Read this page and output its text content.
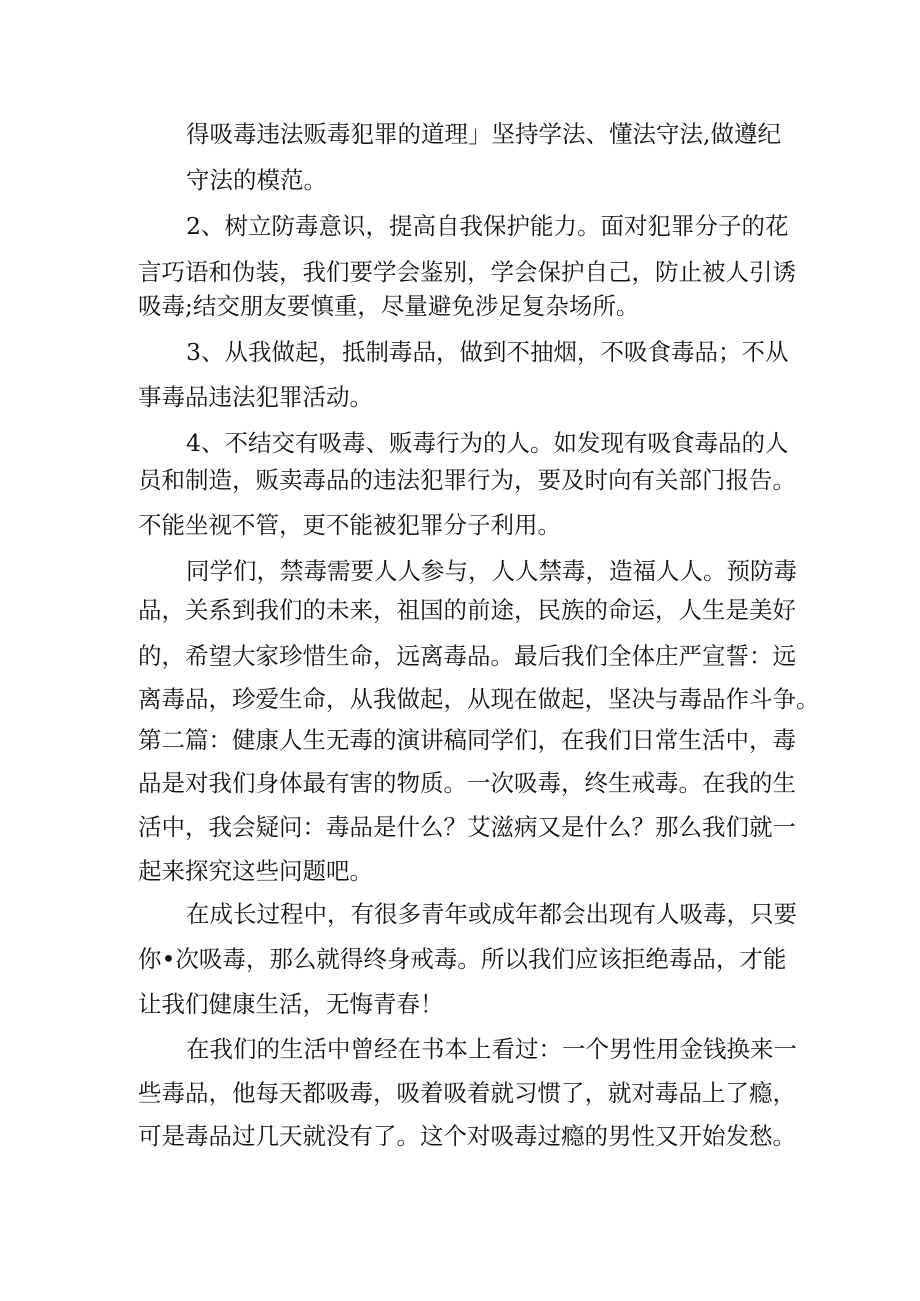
得吸毒违法贩毒犯罪的道理」坚持学法、懂法守法,做遵纪

守法的模范。

2、树立防毒意识，提高自我保护能力。面对犯罪分子的花

言巧语和伪装，我们要学会鉴别，学会保护自己，防止被人引诱

吸毒;结交朋友要慎重，尽量避免涉足复杂场所。

3、从我做起，抵制毒品，做到不抽烟，不吸食毒品；不从

事毒品违法犯罪活动。

4、不结交有吸毒、贩毒行为的人。如发现有吸食毒品的人

员和制造，贩卖毒品的违法犯罪行为，要及时向有关部门报告。

不能坐视不管，更不能被犯罪分子利用。

同学们，禁毒需要人人参与，人人禁毒，造福人人。预防毒

品，关系到我们的未来，祖国的前途，民族的命运，人生是美好

的，希望大家珍惜生命，远离毒品。最后我们全体庄严宣誓：远

离毒品，珍爱生命，从我做起，从现在做起，坚决与毒品作斗争。

第二篇：健康人生无毒的演讲稿同学们，在我们日常生活中，毒

品是对我们身体最有害的物质。一次吸毒，终生戒毒。在我的生

活中，我会疑问：毒品是什么？艾滋病又是什么？那么我们就一

起来探究这些问题吧。

在成长过程中，有很多青年或成年都会出现有人吸毒，只要

你•次吸毒，那么就得终身戒毒。所以我们应该拒绝毒品，才能

让我们健康生活，无悔青春！

在我们的生活中曾经在书本上看过：一个男性用金钱换来一

些毒品，他每天都吸毒，吸着吸着就习惯了，就对毒品上了瘾，

可是毒品过几天就没有了。这个对吸毒过瘾的男性又开始发愁。
